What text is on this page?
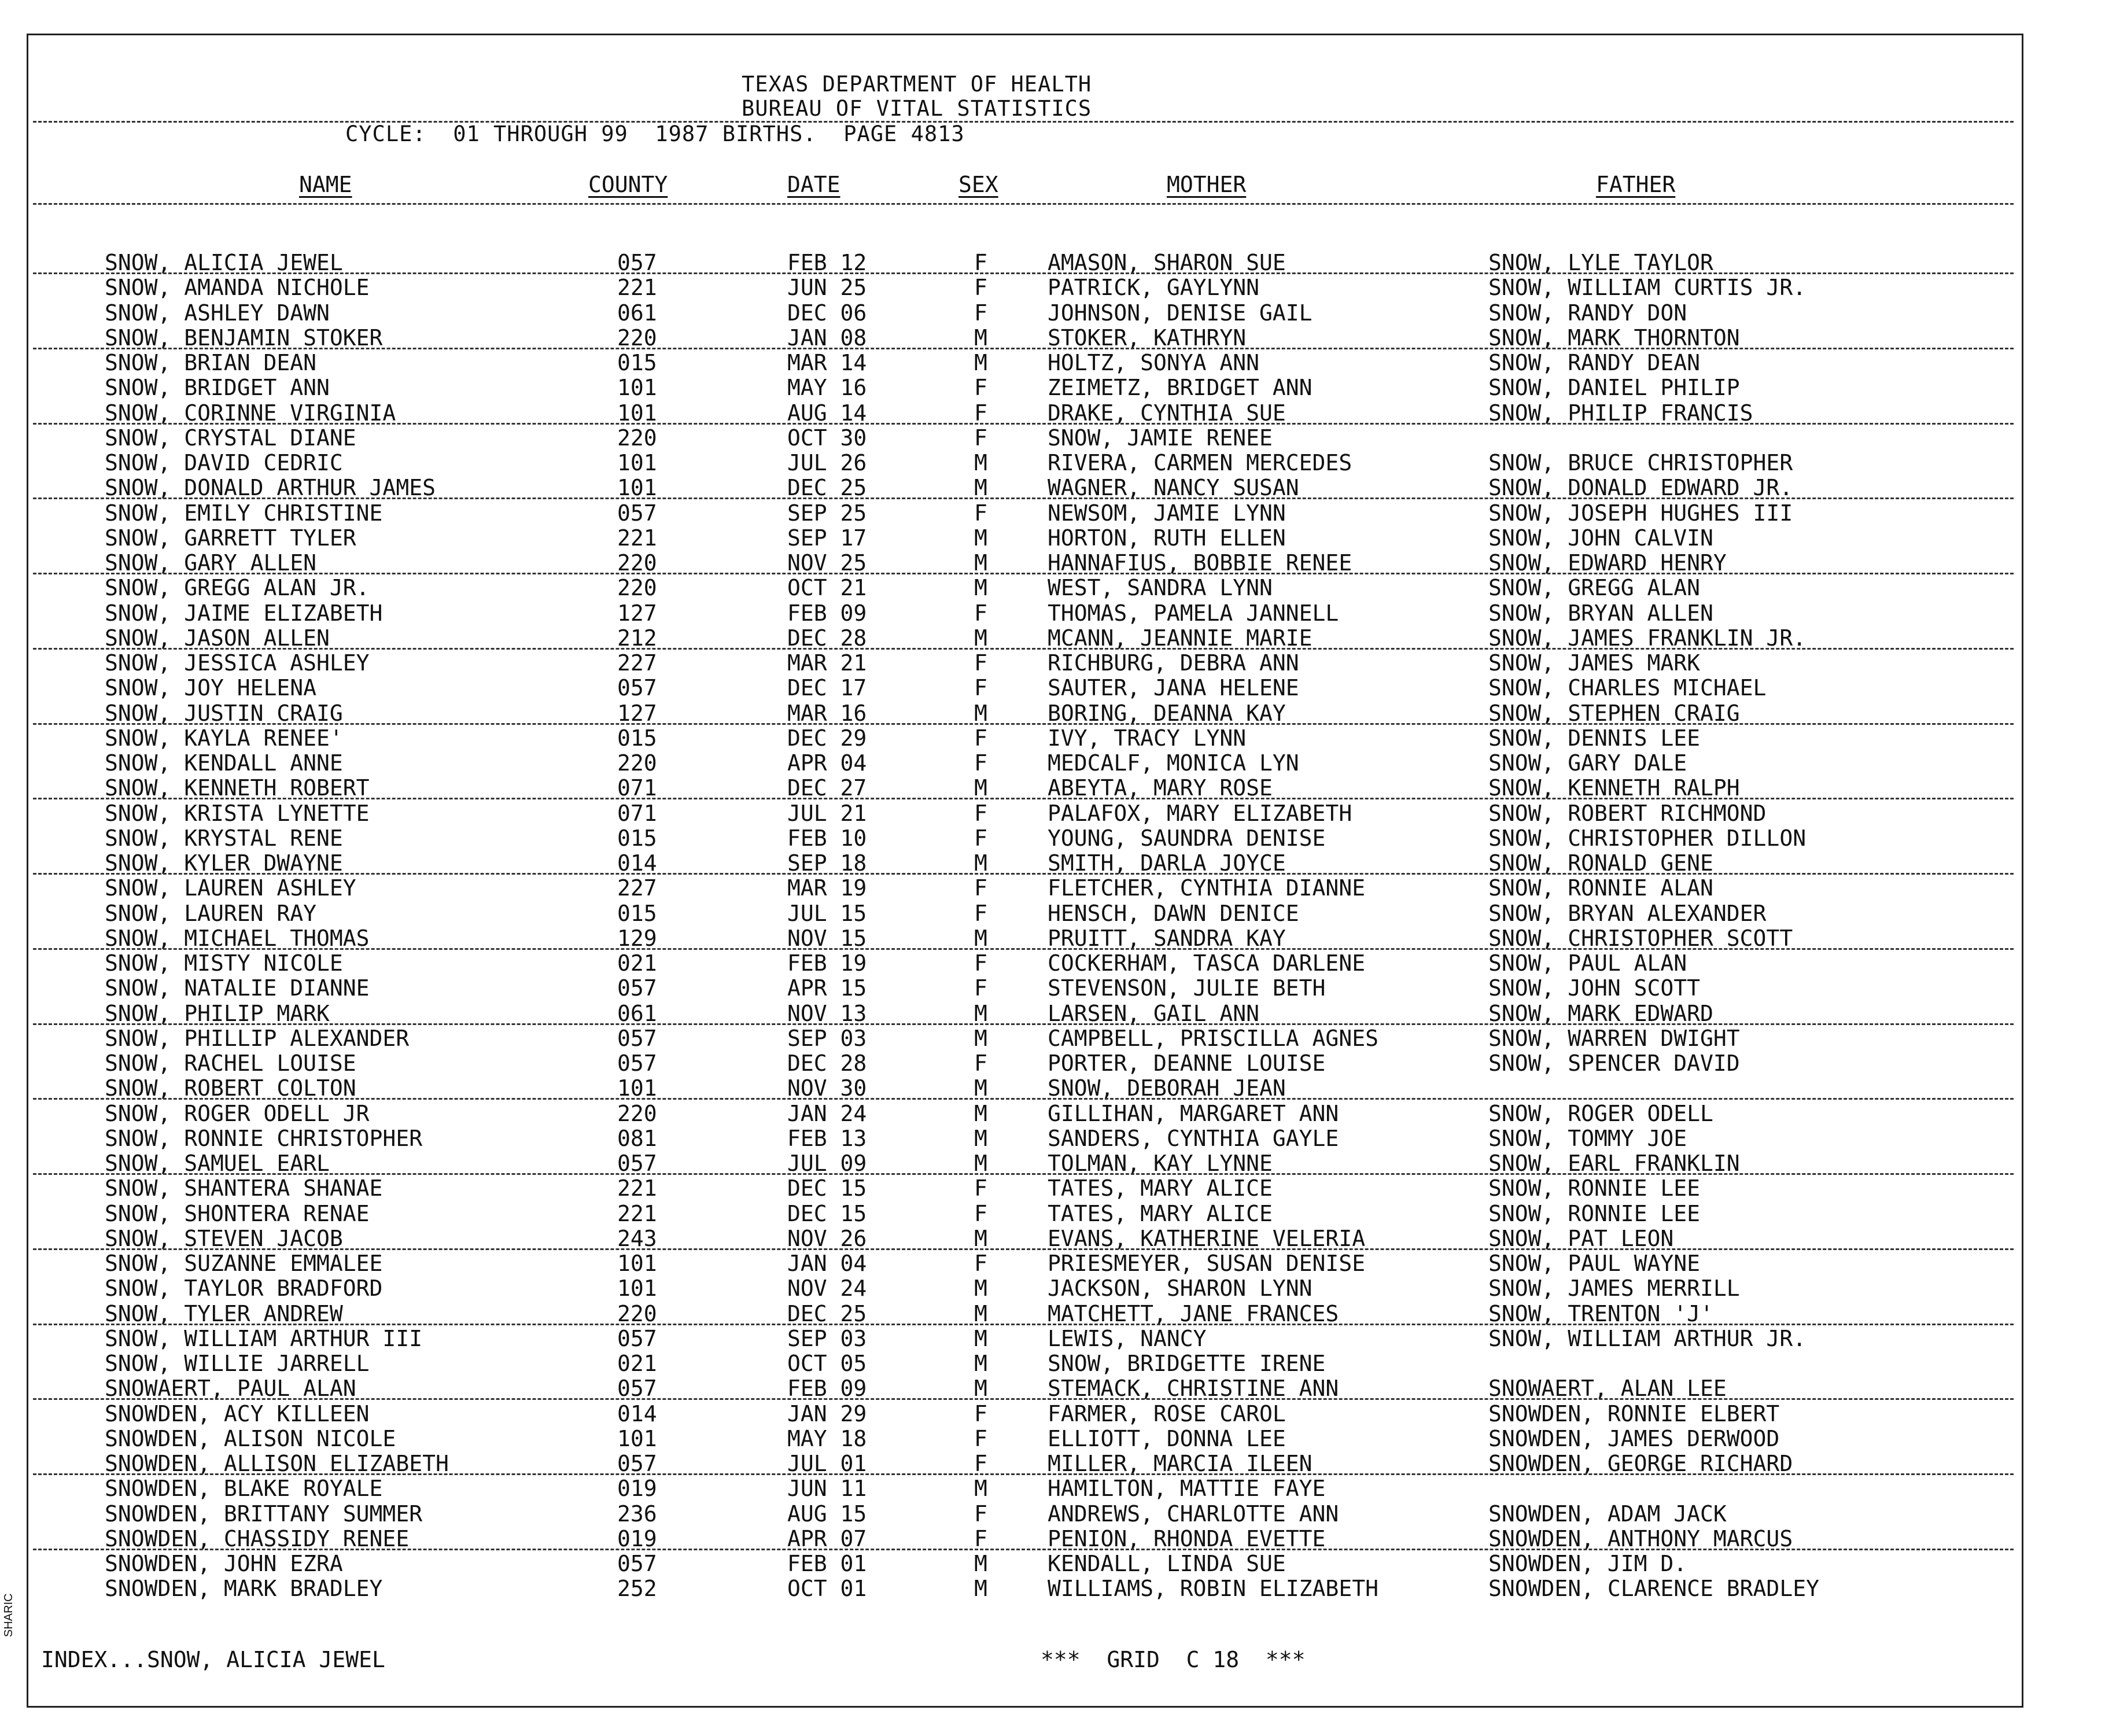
SHARIC
TEXAS DEPARTMENT OF HEALTH
BUREAU OF VITAL STATISTICS
CYCLE:  01 THROUGH 99  1987 BIRTHS.  PAGE 4813
NAME	COUNTY	DATE	SEX	MOTHER	FATHER
SNOW, ALICIA JEWEL	057	FEB 12	F	AMASON, SHARON SUE	SNOW, LYLE TAYLOR
SNOW, AMANDA NICHOLE	221	JUN 25	F	PATRICK, GAYLYNN	SNOW, WILLIAM CURTIS JR.
SNOW, ASHLEY DAWN	061	DEC 06	F	JOHNSON, DENISE GAIL	SNOW, RANDY DON
SNOW, BENJAMIN STOKER	220	JAN 08	M	STOKER, KATHRYN	SNOW, MARK THORNTON
SNOW, BRIAN DEAN	015	MAR 14	M	HOLTZ, SONYA ANN	SNOW, RANDY DEAN
SNOW, BRIDGET ANN	101	MAY 16	F	ZEIMETZ, BRIDGET ANN	SNOW, DANIEL PHILIP
SNOW, CORINNE VIRGINIA	101	AUG 14	F	DRAKE, CYNTHIA SUE	SNOW, PHILIP FRANCIS
SNOW, CRYSTAL DIANE	220	OCT 30	F	SNOW, JAMIE RENEE
SNOW, DAVID CEDRIC	101	JUL 26	M	RIVERA, CARMEN MERCEDES	SNOW, BRUCE CHRISTOPHER
SNOW, DONALD ARTHUR JAMES	101	DEC 25	M	WAGNER, NANCY SUSAN	SNOW, DONALD EDWARD JR.
SNOW, EMILY CHRISTINE	057	SEP 25	F	NEWSOM, JAMIE LYNN	SNOW, JOSEPH HUGHES III
SNOW, GARRETT TYLER	221	SEP 17	M	HORTON, RUTH ELLEN	SNOW, JOHN CALVIN
SNOW, GARY ALLEN	220	NOV 25	M	HANNAFIUS, BOBBIE RENEE	SNOW, EDWARD HENRY
SNOW, GREGG ALAN JR.	220	OCT 21	M	WEST, SANDRA LYNN	SNOW, GREGG ALAN
SNOW, JAIME ELIZABETH	127	FEB 09	F	THOMAS, PAMELA JANNELL	SNOW, BRYAN ALLEN
SNOW, JASON ALLEN	212	DEC 28	M	MCANN, JEANNIE MARIE	SNOW, JAMES FRANKLIN JR.
SNOW, JESSICA ASHLEY	227	MAR 21	F	RICHBURG, DEBRA ANN	SNOW, JAMES MARK
SNOW, JOY HELENA	057	DEC 17	F	SAUTER, JANA HELENE	SNOW, CHARLES MICHAEL
SNOW, JUSTIN CRAIG	127	MAR 16	M	BORING, DEANNA KAY	SNOW, STEPHEN CRAIG
SNOW, KAYLA RENEE'	015	DEC 29	F	IVY, TRACY LYNN	SNOW, DENNIS LEE
SNOW, KENDALL ANNE	220	APR 04	F	MEDCALF, MONICA LYN	SNOW, GARY DALE
SNOW, KENNETH ROBERT	071	DEC 27	M	ABEYTA, MARY ROSE	SNOW, KENNETH RALPH
SNOW, KRISTA LYNETTE	071	JUL 21	F	PALAFOX, MARY ELIZABETH	SNOW, ROBERT RICHMOND
SNOW, KRYSTAL RENE	015	FEB 10	F	YOUNG, SAUNDRA DENISE	SNOW, CHRISTOPHER DILLON
SNOW, KYLER DWAYNE	014	SEP 18	M	SMITH, DARLA JOYCE	SNOW, RONALD GENE
SNOW, LAUREN ASHLEY	227	MAR 19	F	FLETCHER, CYNTHIA DIANNE	SNOW, RONNIE ALAN
SNOW, LAUREN RAY	015	JUL 15	F	HENSCH, DAWN DENICE	SNOW, BRYAN ALEXANDER
SNOW, MICHAEL THOMAS	129	NOV 15	M	PRUITT, SANDRA KAY	SNOW, CHRISTOPHER SCOTT
SNOW, MISTY NICOLE	021	FEB 19	F	COCKERHAM, TASCA DARLENE	SNOW, PAUL ALAN
SNOW, NATALIE DIANNE	057	APR 15	F	STEVENSON, JULIE BETH	SNOW, JOHN SCOTT
SNOW, PHILIP MARK	061	NOV 13	M	LARSEN, GAIL ANN	SNOW, MARK EDWARD
SNOW, PHILLIP ALEXANDER	057	SEP 03	M	CAMPBELL, PRISCILLA AGNES	SNOW, WARREN DWIGHT
SNOW, RACHEL LOUISE	057	DEC 28	F	PORTER, DEANNE LOUISE	SNOW, SPENCER DAVID
SNOW, ROBERT COLTON	101	NOV 30	M	SNOW, DEBORAH JEAN
SNOW, ROGER ODELL JR	220	JAN 24	M	GILLIHAN, MARGARET ANN	SNOW, ROGER ODELL
SNOW, RONNIE CHRISTOPHER	081	FEB 13	M	SANDERS, CYNTHIA GAYLE	SNOW, TOMMY JOE
SNOW, SAMUEL EARL	057	JUL 09	M	TOLMAN, KAY LYNNE	SNOW, EARL FRANKLIN
SNOW, SHANTERA SHANAE	221	DEC 15	F	TATES, MARY ALICE	SNOW, RONNIE LEE
SNOW, SHONTERA RENAE	221	DEC 15	F	TATES, MARY ALICE	SNOW, RONNIE LEE
SNOW, STEVEN JACOB	243	NOV 26	M	EVANS, KATHERINE VELERIA	SNOW, PAT LEON
SNOW, SUZANNE EMMALEE	101	JAN 04	F	PRIESMEYER, SUSAN DENISE	SNOW, PAUL WAYNE
SNOW, TAYLOR BRADFORD	101	NOV 24	M	JACKSON, SHARON LYNN	SNOW, JAMES MERRILL
SNOW, TYLER ANDREW	220	DEC 25	M	MATCHETT, JANE FRANCES	SNOW, TRENTON 'J'
SNOW, WILLIAM ARTHUR III	057	SEP 03	M	LEWIS, NANCY	SNOW, WILLIAM ARTHUR JR.
SNOW, WILLIE JARRELL	021	OCT 05	M	SNOW, BRIDGETTE IRENE
SNOWAERT, PAUL ALAN	057	FEB 09	M	STEMACK, CHRISTINE ANN	SNOWAERT, ALAN LEE
SNOWDEN, ACY KILLEEN	014	JAN 29	F	FARMER, ROSE CAROL	SNOWDEN, RONNIE ELBERT
SNOWDEN, ALISON NICOLE	101	MAY 18	F	ELLIOTT, DONNA LEE	SNOWDEN, JAMES DERWOOD
SNOWDEN, ALLISON ELIZABETH	057	JUL 01	F	MILLER, MARCIA ILEEN	SNOWDEN, GEORGE RICHARD
SNOWDEN, BLAKE ROYALE	019	JUN 11	M	HAMILTON, MATTIE FAYE
SNOWDEN, BRITTANY SUMMER	236	AUG 15	F	ANDREWS, CHARLOTTE ANN	SNOWDEN, ADAM JACK
SNOWDEN, CHASSIDY RENEE	019	APR 07	F	PENION, RHONDA EVETTE	SNOWDEN, ANTHONY MARCUS
SNOWDEN, JOHN EZRA	057	FEB 01	M	KENDALL, LINDA SUE	SNOWDEN, JIM D.
SNOWDEN, MARK BRADLEY	252	OCT 01	M	WILLIAMS, ROBIN ELIZABETH	SNOWDEN, CLARENCE BRADLEY
INDEX...SNOW, ALICIA JEWEL	***  GRID  C 18  ***
